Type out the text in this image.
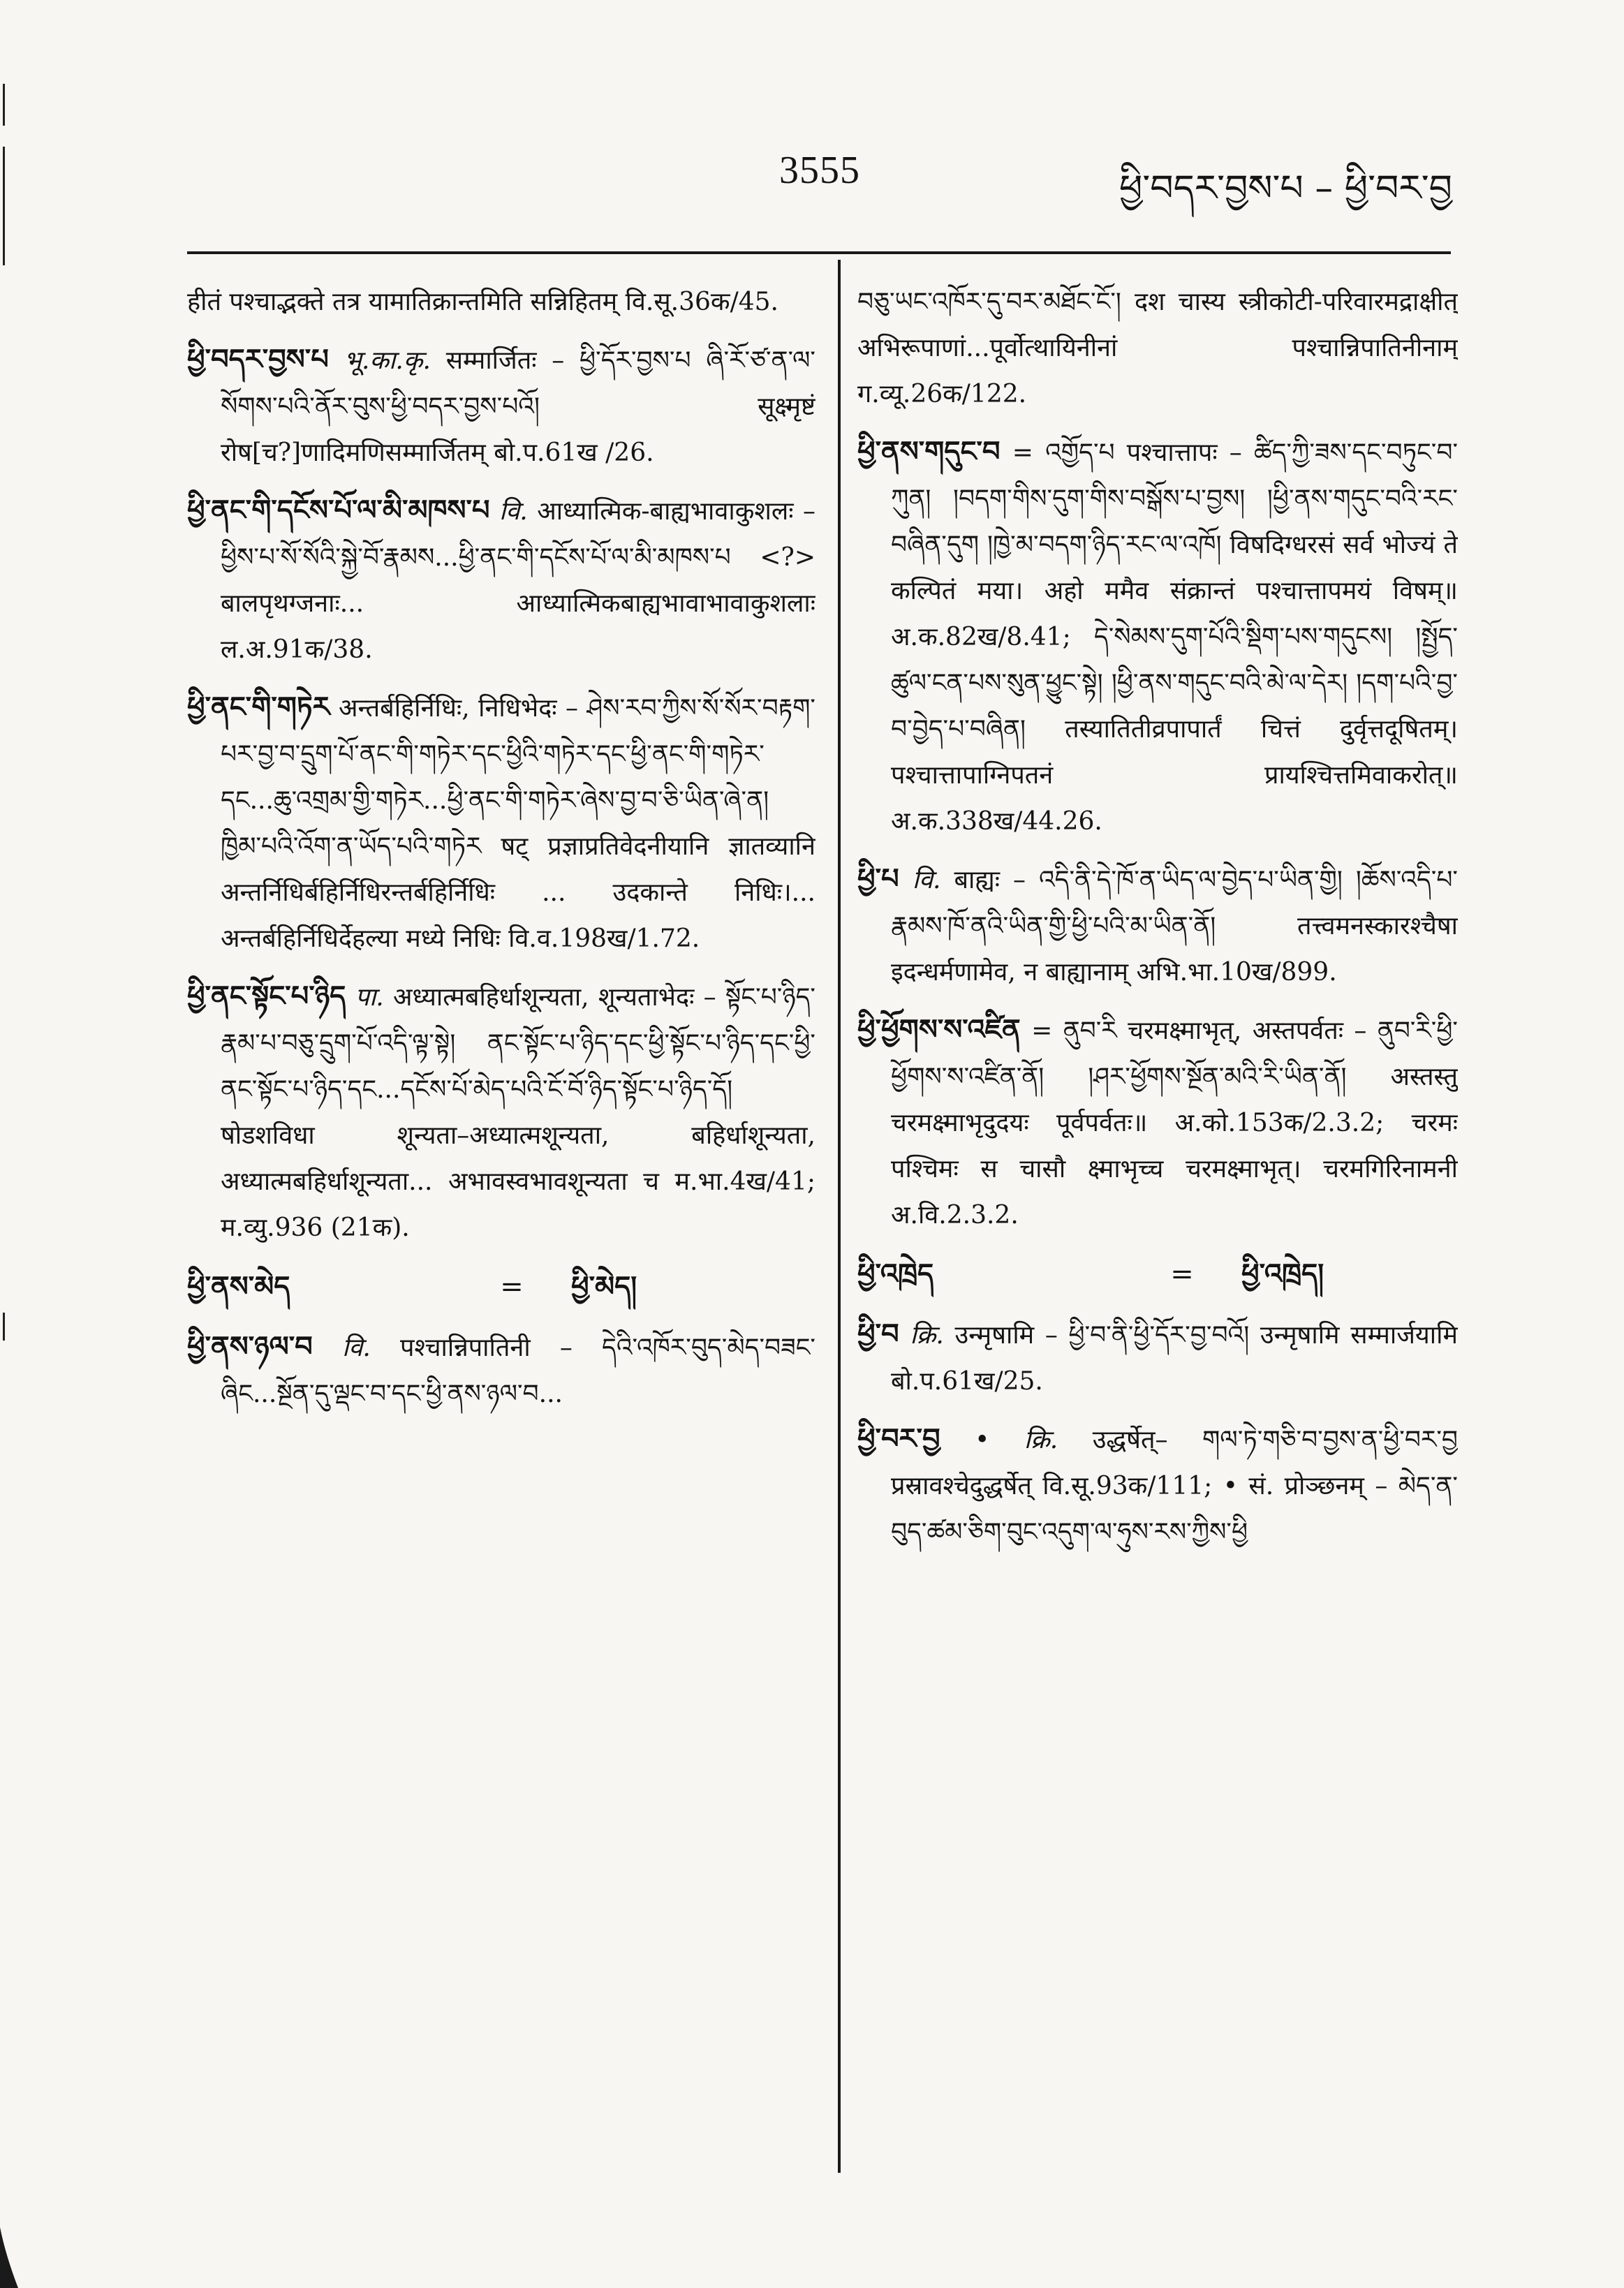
3555	ཕྱི་བདར་བྱས་པ – ཕྱི་བར་བྱ

हीतं पश्चाद्भक्ते तत्र यामातिक्रान्तमिति सन्निहितम् वि.सू.36क/45.

ཕྱི་བདར་བྱས་པ भू.का.कृ. सम्मार्जितः – ཕྱི་དོར་བྱས་པ ཞི་རོ་ཙ་ན་ལ་སོགས་པའི་ནོར་བུས་ཕྱི་བདར་བྱས་པའོ། सूक्ष्मृष्टं रोष[च?]णादिमणिसम्मार्जितम् बो.प.61ख /26.

ཕྱི་ནང་གི་དངོས་པོ་ལ་མི་མཁས་པ वि. आध्यात्मिक-बाह्यभावाकुशलः – ཕྱིས་པ་སོ་སོའི་སྐྱེ་བོ་རྣམས...ཕྱི་ནང་གི་དངོས་པོ་ལ་མི་མཁས་པ <?> बालपृथग्जनाः... आध्यात्मिकबाह्यभावाभावाकुशलाः ल.अ.91क/38.

ཕྱི་ནང་གི་གཏེར अन्तर्बहिर्निधिः, निधिभेदः – ཤེས་རབ་ཀྱིས་སོ་སོར་བརྟག་པར་བྱ་བ་དྲུག་པོ་ནང་གི་གཏེར་དང་ཕྱིའི་གཏེར་དང་ཕྱི་ནང་གི་གཏེར་དང...ཆུ་འགྲམ་གྱི་གཏེར...ཕྱི་ནང་གི་གཏེར་ཞེས་བྱ་བ་ཅི་ཡིན་ཞེ་ན། ཁྱིམ་པའི་འོག་ན་ཡོད་པའི་གཏེར षट् प्रज्ञाप्रतिवेदनीयानि ज्ञातव्यानि अन्तर्निधिर्बहिर्निधिरन्तर्बहिर्निधिः ... उदकान्ते निधिः।... अन्तर्बहिर्निधिर्देहल्या मध्ये निधिः वि.व.198ख/1.72.

ཕྱི་ནང་སྟོང་པ་ཉིད पा. अध्यात्मबहिर्धाशून्यता, शून्यताभेदः – སྟོང་པ་ཉིད་རྣམ་པ་བཅུ་དྲུག་པོ་འདི་ལྟ་སྟེ། ནང་སྟོང་པ་ཉིད་དང་ཕྱི་སྟོང་པ་ཉིད་དང་ཕྱི་ནང་སྟོང་པ་ཉིད་དང...དངོས་པོ་མེད་པའི་ངོ་བོ་ཉིད་སྟོང་པ་ཉིད་དོ། षोडशविधा शून्यता–अध्यात्मशून्यता, बहिर्धाशून्यता, अध्यात्मबहिर्धाशून्यता... अभावस्वभावशून्यता च म.भा.4ख/41; म.व्यु.936 (21क).

ཕྱི་ནས་མེད	=	ཕྱི་མེད།

ཕྱི་ནས་ཉལ་བ वि. पश्चान्निपातिनी – དེའི་འཁོར་བུད་མེད་བཟང་ཞིང...སྔོན་དུ་ལྡང་བ་དང་ཕྱི་ནས་ཉལ་བ...

བཅུ་ཡང་འཁོར་དུ་བར་མཐོང་ངོ་། दश चास्य स्त्रीकोटी-परिवारमद्राक्षीत् अभिरूपाणां...पूर्वोत्थायिनीनां पश्चान्निपातिनीनाम् ग.व्यू.26क/122.

ཕྱི་ནས་གདུང་བ = འགྱོད་པ पश्चात्तापः – ཚིད་ཀྱི་ཟས་དང་བཏུང་བ་ཀུན། །བདག་གིས་དུག་གིས་བསྒོས་པ་བྱས། །ཕྱི་ནས་གདུང་བའི་རང་བཞིན་དུག །ཁྱེ་མ་བདག་ཉིད་རང་ལ་འཁོ། विषदिग्धरसं सर्व भोज्यं ते कल्पितं मया। अहो ममैव संक्रान्तं पश्चात्तापमयं विषम्॥ अ.क.82ख/8.41; དེ་སེམས་དུག་པོའི་སྡིག་པས་གདུངས། །སྤྱོད་ཚུལ་ངན་པས་སུན་ཕྱུང་སྟེ། །ཕྱི་ནས་གདུང་བའི་མེ་ལ་དེར། །དག་པའི་བྱ་བ་བྱེད་པ་བཞིན། तस्यातितीव्रपापार्तं चित्तं दुर्वृत्तदूषितम्। पश्चात्तापाग्निपतनं प्रायश्चित्तमिवाकरोत्॥ अ.क.338ख/44.26.

ཕྱི་པ वि. बाह्यः – འདི་ནི་དེ་ཁོ་ན་ཡིད་ལ་བྱེད་པ་ཡིན་གྱི། །ཆོས་འདི་པ་རྣམས་ཁོ་ནའི་ཡིན་གྱི་ཕྱི་པའི་མ་ཡིན་ནོ། तत्त्वमनस्कारश्चैषा इदन्धर्मणामेव, न बाह्यानाम् अभि.भा.10ख/899.

ཕྱི་ཕྱོགས་ས་འཛིན = ནུབ་རི चरमक्ष्माभृत्, अस्तपर्वतः – ནུབ་རི་ཕྱི་ཕྱོགས་ས་འཛིན་ནོ། །ཤར་ཕྱོགས་སྔོན་མའི་རི་ཡིན་ནོ། अस्तस्तु चरमक्ष्माभृदुदयः पूर्वपर्वतः॥ अ.को.153क/2.3.2; चरमः पश्चिमः स चासौ क्ष्माभृच्च चरमक्ष्माभृत्। चरमगिरिनामनी अ.वि.2.3.2.

ཕྱི་འཁྲེད	=	ཕྱི་འཁྲེད།

ཕྱི་བ क्रि. उन्मृषामि – ཕྱི་བ་ནི་ཕྱི་དོར་བྱ་བའོ། उन्मृषामि सम्मार्जयामि बो.प.61ख/25.

ཕྱི་བར་བྱ • क्रि. उद्धर्षेत्– གལ་ཏེ་གཅི་བ་བྱས་ན་ཕྱི་བར་བྱ प्रस्रावश्चेदुद्धर्षेत् वि.सू.93क/111; • सं. प्रोञ्छनम् – མེད་ན་བུད་ཚམ་ཅིག་བུང་འདུག་ལ་ཧུས་རས་ཀྱིས་ཕྱི
